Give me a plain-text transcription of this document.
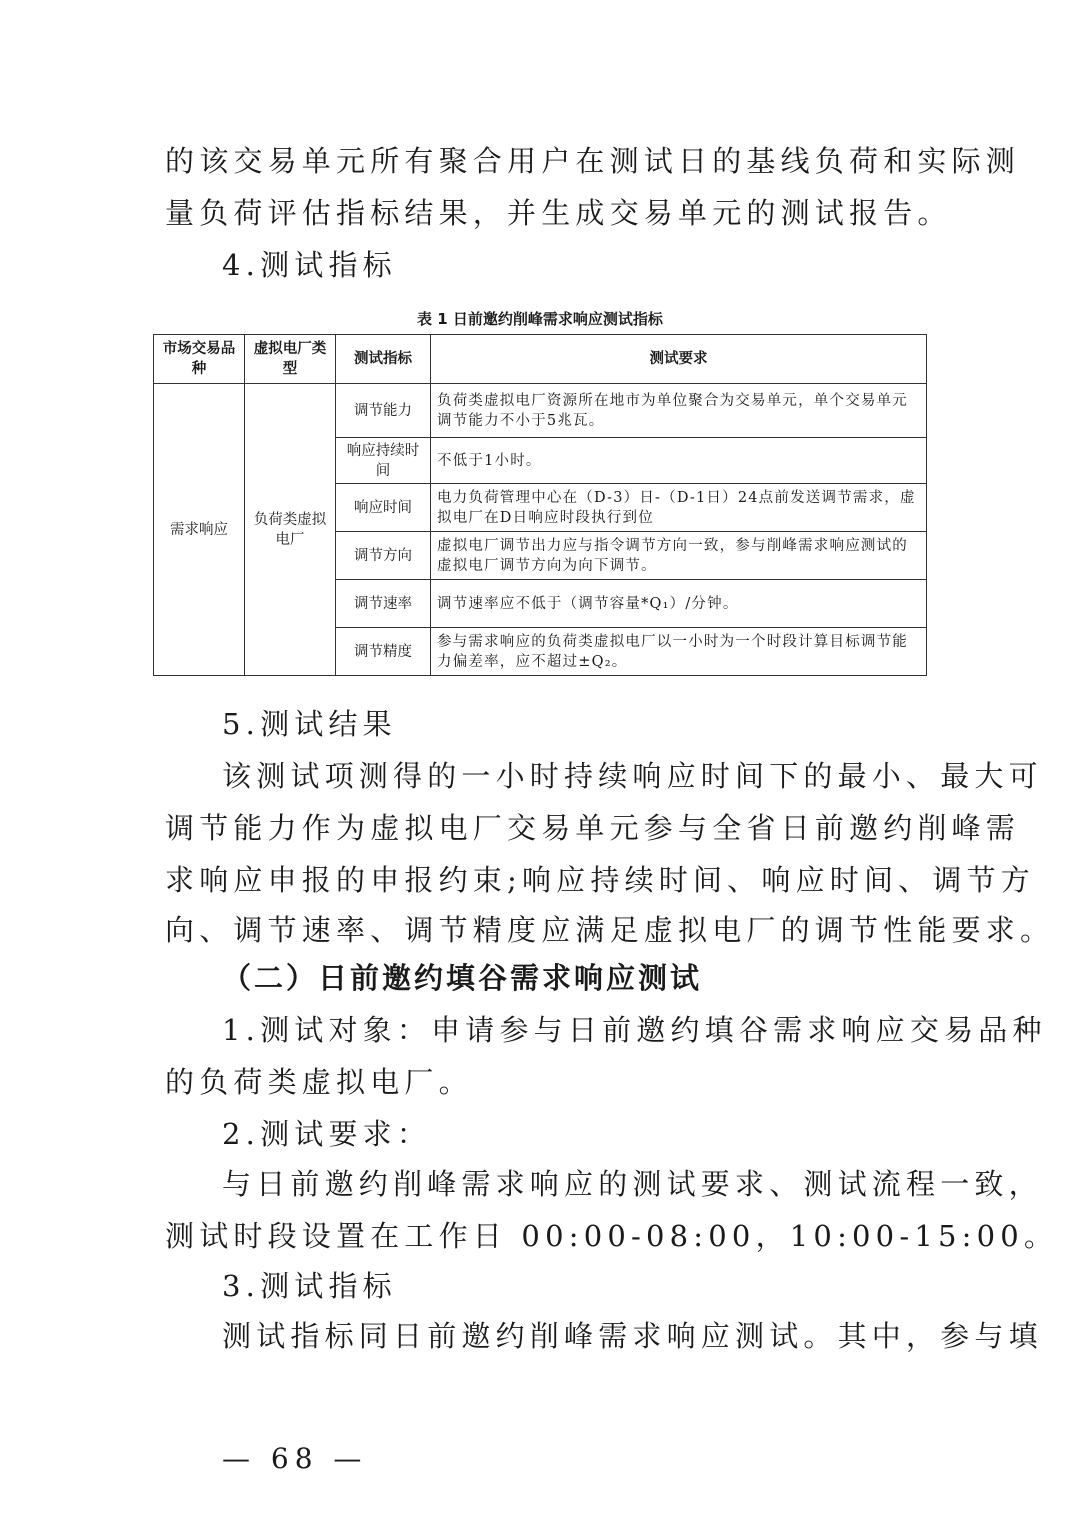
的该交易单元所有聚合用户在测试日的基线负荷和实际测
量负荷评估指标结果，并生成交易单元的测试报告。
4.测试指标
表 1 日前邀约削峰需求响应测试指标
市场交易品种	虚拟电厂类型	测试指标	测试要求
需求响应	负荷类虚拟电厂	调节能力	负荷类虚拟电厂资源所在地市为单位聚合为交易单元，单个交易单元调节能力不小于5兆瓦。
		响应持续时间	不低于1小时。
		响应时间	电力负荷管理中心在（D-3）日-（D-1日）24点前发送调节需求，虚拟电厂在D日响应时段执行到位
		调节方向	虚拟电厂调节出力应与指令调节方向一致，参与削峰需求响应测试的虚拟电厂调节方向为向下调节。
		调节速率	调节速率应不低于（调节容量*Q₁）/分钟。
		调节精度	参与需求响应的负荷类虚拟电厂以一小时为一个时段计算目标调节能力偏差率，应不超过±Q₂。
5.测试结果
该测试项测得的一小时持续响应时间下的最小、最大可
调节能力作为虚拟电厂交易单元参与全省日前邀约削峰需
求响应申报的申报约束;响应持续时间、响应时间、调节方
向、调节速率、调节精度应满足虚拟电厂的调节性能要求。
（二）日前邀约填谷需求响应测试
1.测试对象：申请参与日前邀约填谷需求响应交易品种
的负荷类虚拟电厂。
2.测试要求：
与日前邀约削峰需求响应的测试要求、测试流程一致，
测试时段设置在工作日 00:00-08:00，10:00-15:00。
3.测试指标
测试指标同日前邀约削峰需求响应测试。其中，参与填
— 68 —
